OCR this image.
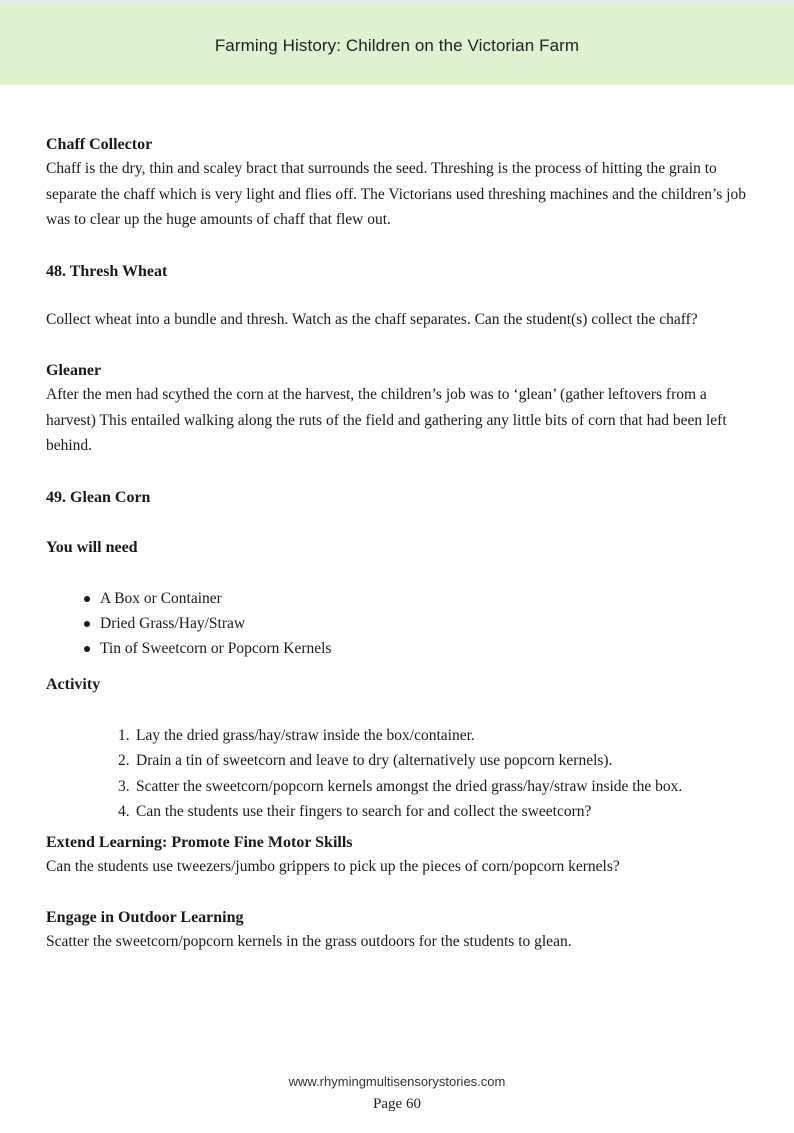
Farming History: Children on the Victorian Farm

Chaff Collector

Chaff is the dry, thin and scaley bract that surrounds the seed. Threshing is the process of hitting the grain to separate the chaff which is very light and flies off. The Victorians used threshing machines and the children’s job was to clear up the huge amounts of chaff that flew out.

48. Thresh Wheat

Collect wheat into a bundle and thresh. Watch as the chaff separates. Can the student(s) collect the chaff?

Gleaner

After the men had scythed the corn at the harvest, the children’s job was to ‘glean’ (gather leftovers from a harvest) This entailed walking along the ruts of the field and gathering any little bits of corn that had been left behind.

49. Glean Corn

You will need

A Box or Container
Dried Grass/Hay/Straw
Tin of Sweetcorn or Popcorn Kernels

Activity

1. Lay the dried grass/hay/straw inside the box/container.
2. Drain a tin of sweetcorn and leave to dry (alternatively use popcorn kernels).
3. Scatter the sweetcorn/popcorn kernels amongst the dried grass/hay/straw inside the box.
4. Can the students use their fingers to search for and collect the sweetcorn?

Extend Learning: Promote Fine Motor Skills

Can the students use tweezers/jumbo grippers to pick up the pieces of corn/popcorn kernels?

Engage in Outdoor Learning

Scatter the sweetcorn/popcorn kernels in the grass outdoors for the students to glean.

www.rhymingmultisensorystories.com
Page 60
